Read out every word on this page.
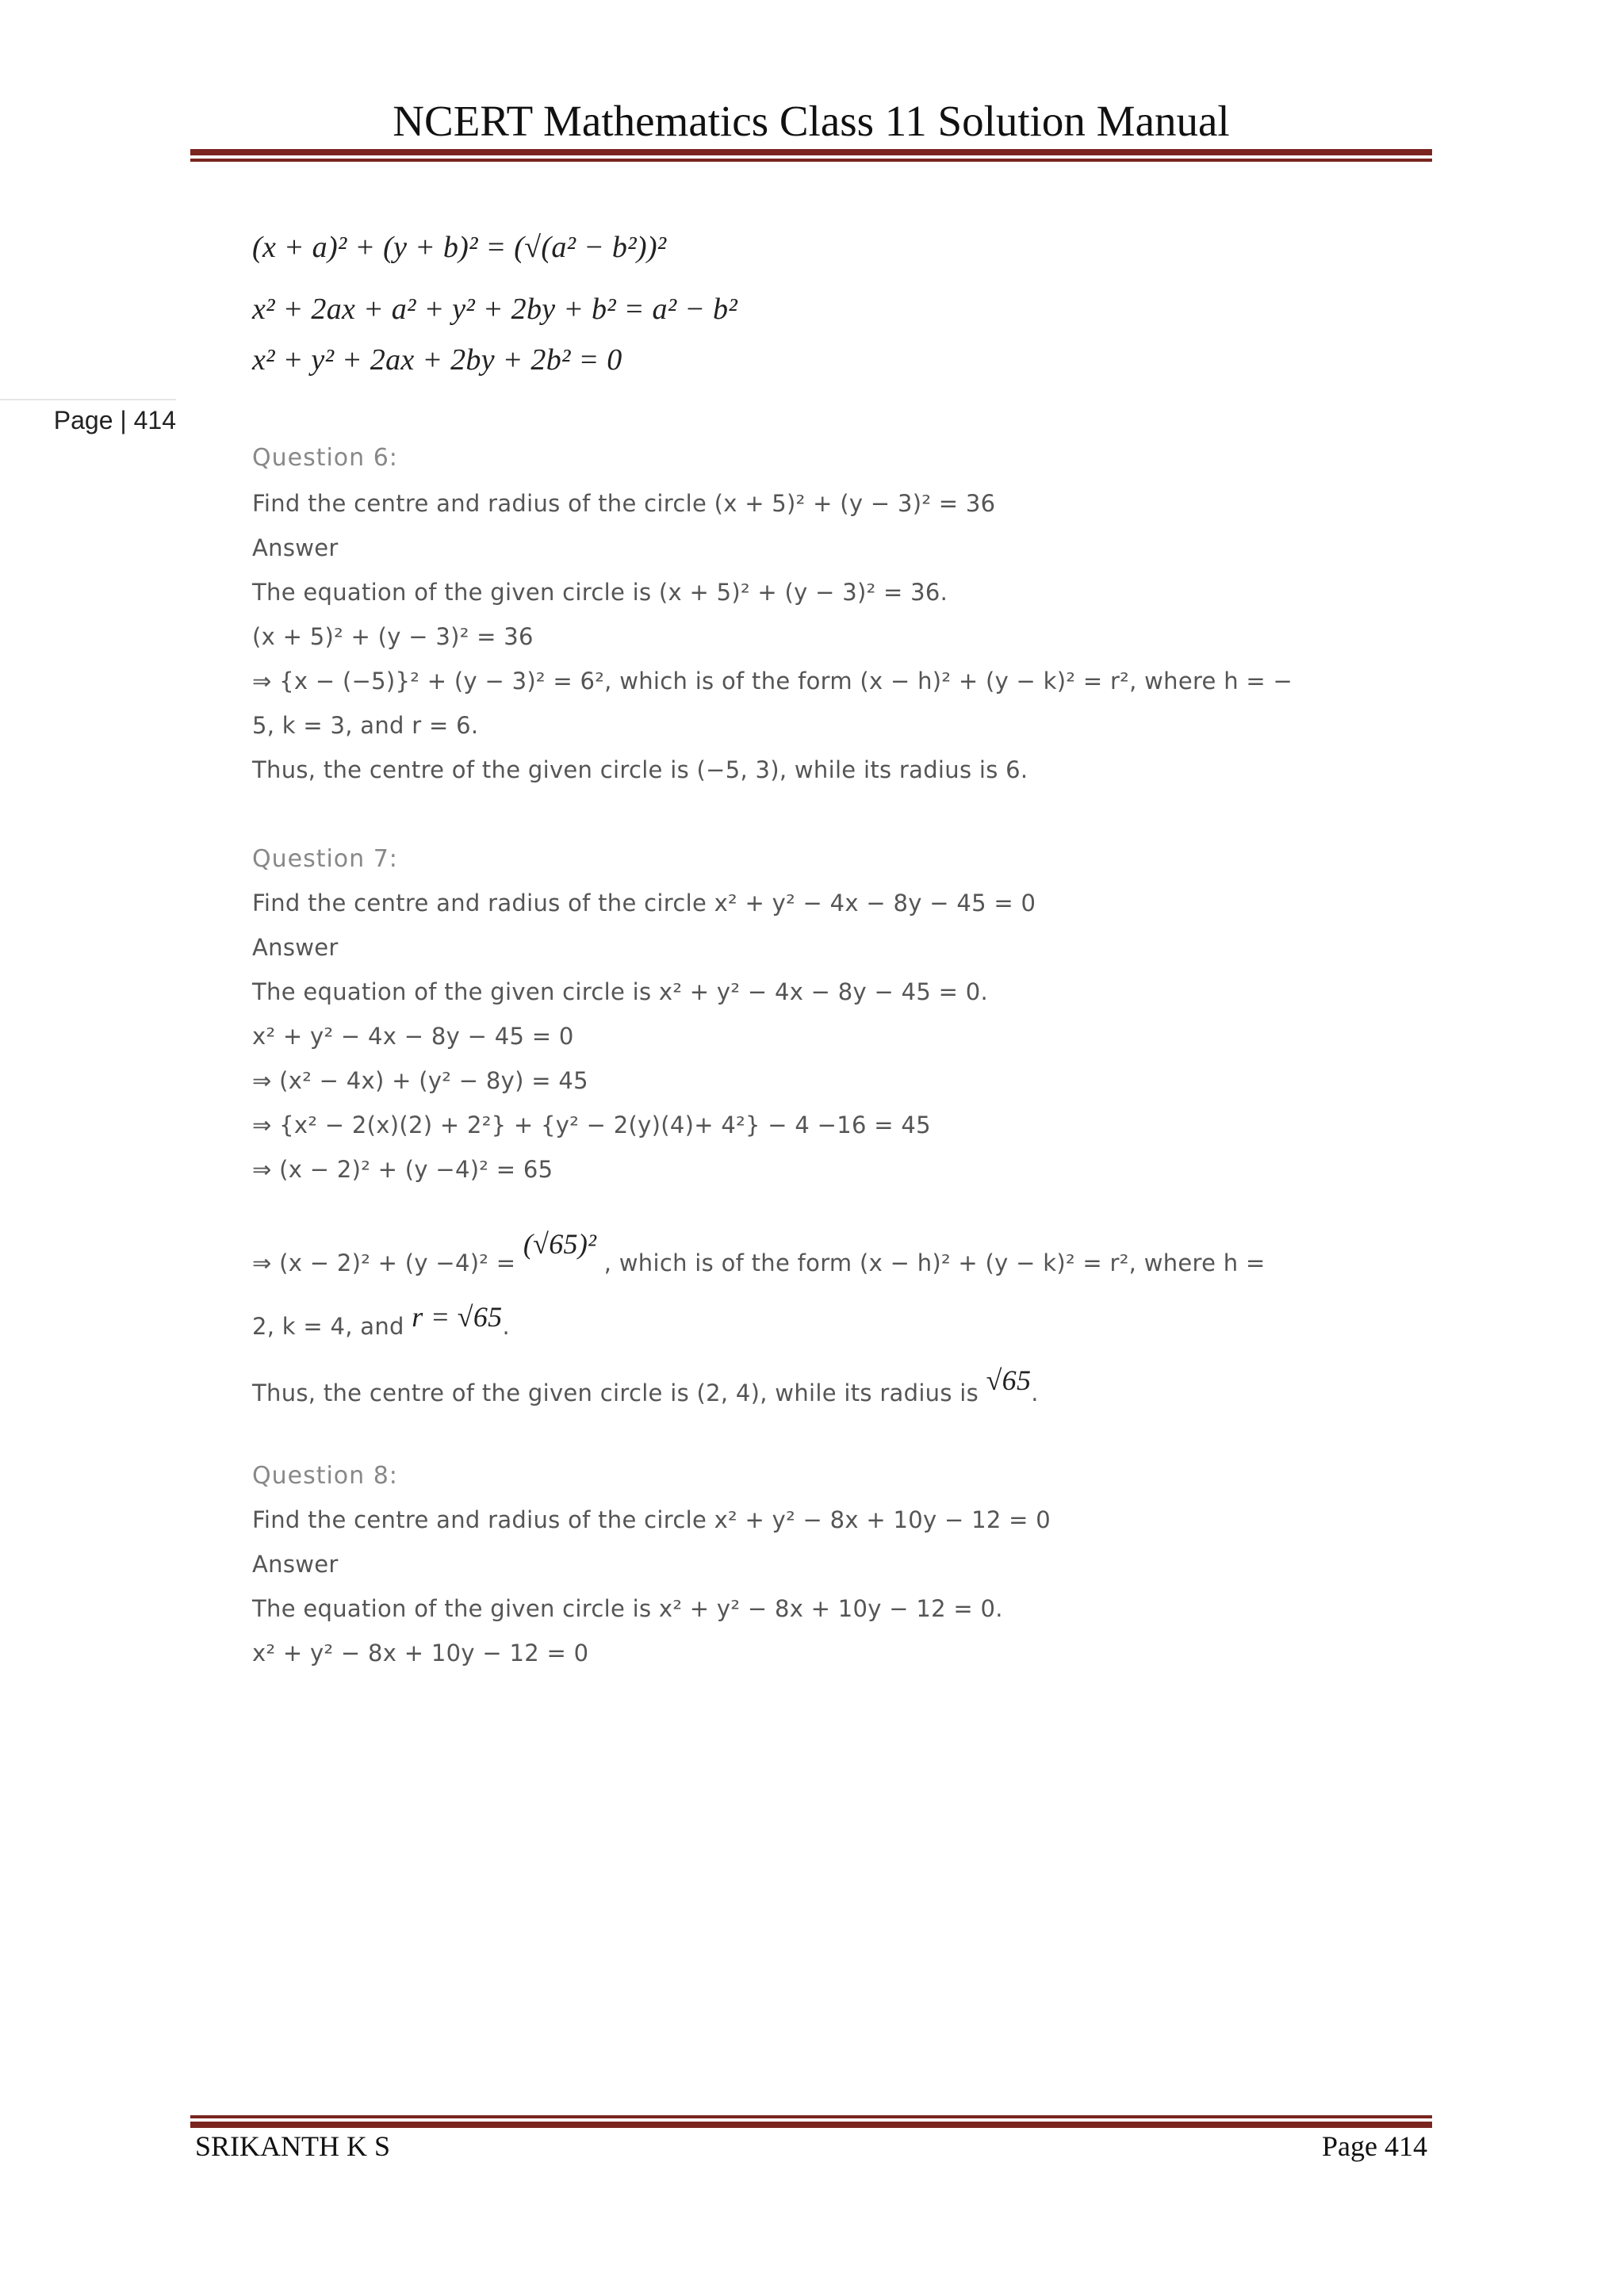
NCERT Mathematics Class 11 Solution Manual
Page | 414
(x + a)² + (y + b)² = (√(a² − b²))²
x² + 2ax + a² + y² + 2by + b² = a² − b²
x² + y² + 2ax + 2by + 2b² = 0
Question 6:
Find the centre and radius of the circle (x + 5)² + (y − 3)² = 36
Answer
The equation of the given circle is (x + 5)² + (y − 3)² = 36.
(x + 5)² + (y − 3)² = 36
⇒ {x − (−5)}² + (y − 3)² = 6², which is of the form (x − h)² + (y − k)² = r², where h = −
5, k = 3, and r = 6.
Thus, the centre of the given circle is (−5, 3), while its radius is 6.
Question 7:
Find the centre and radius of the circle x² + y² − 4x − 8y − 45 = 0
Answer
The equation of the given circle is x² + y² − 4x − 8y − 45 = 0.
x² + y² − 4x − 8y − 45 = 0
⇒ (x² − 4x) + (y² − 8y) = 45
⇒ {x² − 2(x)(2) + 2²} + {y² − 2(y)(4)+ 4²} − 4 −16 = 45
⇒ (x − 2)² + (y −4)² = 65
⇒ (x − 2)² + (y −4)² = (√65)² , which is of the form (x − h)² + (y − k)² = r², where h =
2, k = 4, and r = √65.
Thus, the centre of the given circle is (2, 4), while its radius is √65.
Question 8:
Find the centre and radius of the circle x² + y² − 8x + 10y − 12 = 0
Answer
The equation of the given circle is x² + y² − 8x + 10y − 12 = 0.
x² + y² − 8x + 10y − 12 = 0
SRIKANTH K S	Page 414
